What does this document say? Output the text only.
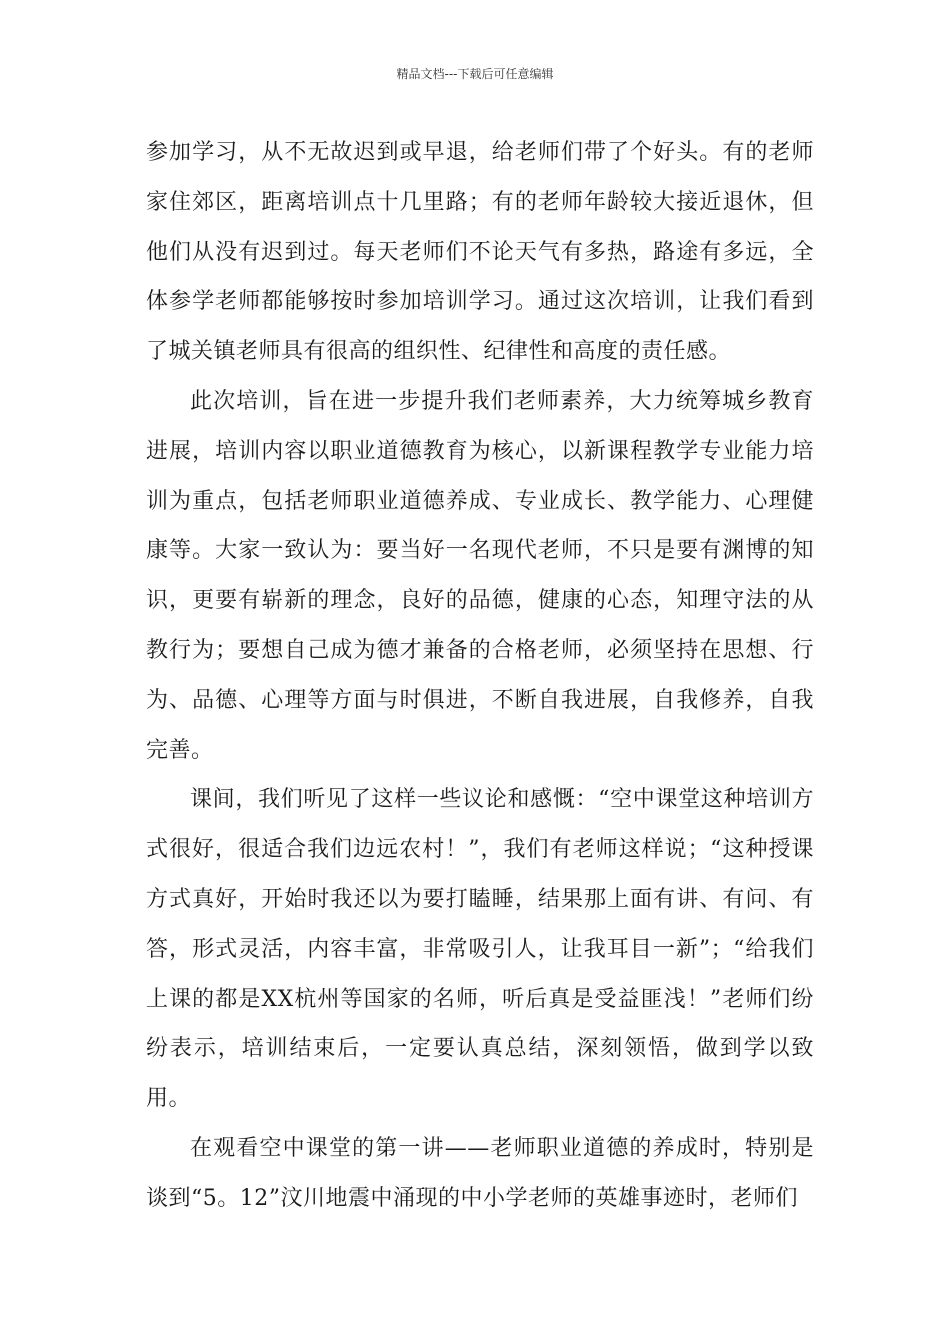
精品文档---下载后可任意编辑

参加学习，从不无故迟到或早退，给老师们带了个好头。有的老师家住郊区，距离培训点十几里路；有的老师年龄较大接近退休，但他们从没有迟到过。每天老师们不论天气有多热，路途有多远，全体参学老师都能够按时参加培训学习。通过这次培训，让我们看到了城关镇老师具有很高的组织性、纪律性和高度的责任感。

此次培训，旨在进一步提升我们老师素养，大力统筹城乡教育进展，培训内容以职业道德教育为核心，以新课程教学专业能力培训为重点，包括老师职业道德养成、专业成长、教学能力、心理健康等。大家一致认为：要当好一名现代老师，不只是要有渊博的知识，更要有崭新的理念，良好的品德，健康的心态，知理守法的从教行为；要想自己成为德才兼备的合格老师，必须坚持在思想、行为、品德、心理等方面与时俱进，不断自我进展，自我修养，自我完善。

课间，我们听见了这样一些议论和感慨：“空中课堂这种培训方式很好，很适合我们边远农村！”，我们有老师这样说；“这种授课方式真好，开始时我还以为要打瞌睡，结果那上面有讲、有问、有答，形式灵活，内容丰富，非常吸引人，让我耳目一新”；“给我们上课的都是XX杭州等国家的名师，听后真是受益匪浅！”老师们纷纷表示，培训结束后，一定要认真总结，深刻领悟，做到学以致用。

在观看空中课堂的第一讲——老师职业道德的养成时，特别是谈到“5。12”汶川地震中涌现的中小学老师的英雄事迹时，老师们
